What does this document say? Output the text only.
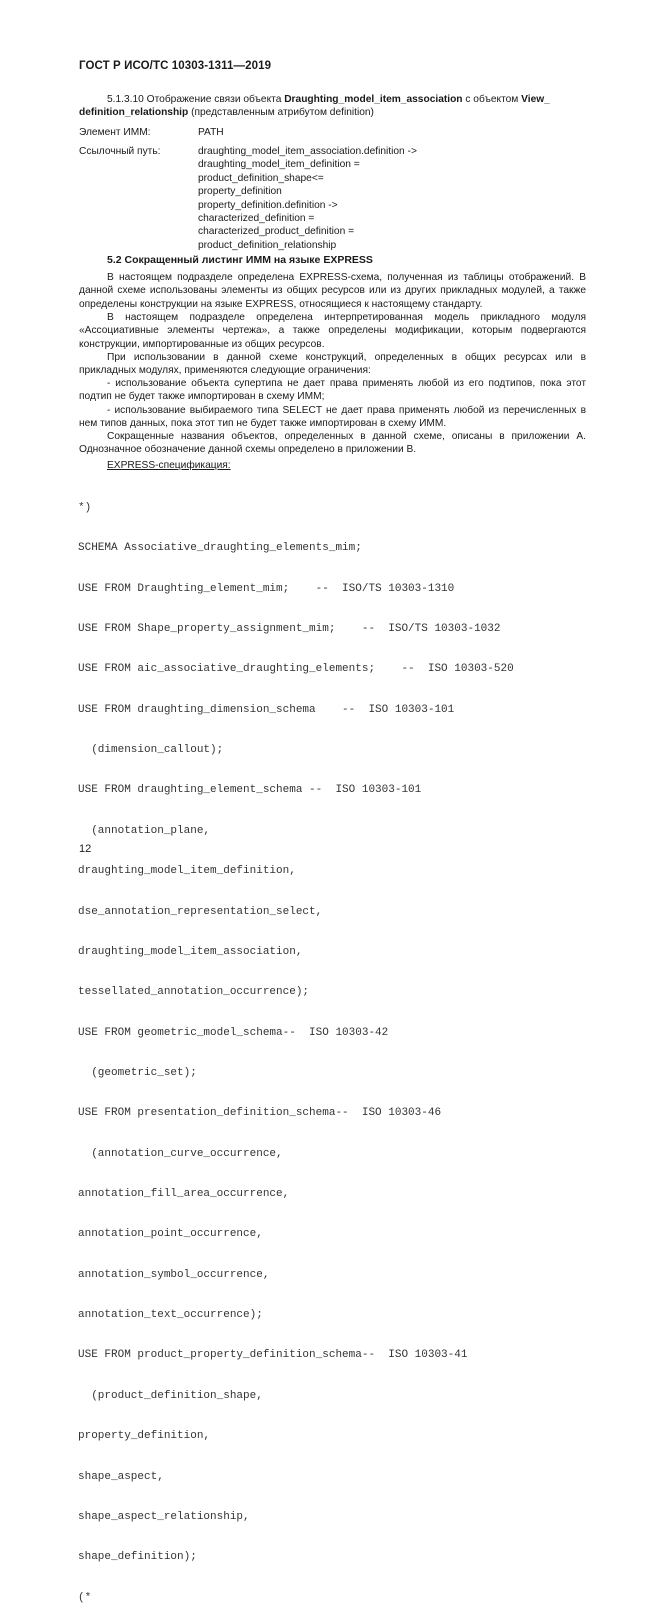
ГОСТ Р ИСО/ТС 10303-1311—2019

5.1.3.10 Отображение связи объекта Draughting_model_item_association с объектом View_
definition_relationship (представленным атрибутом definition)

Элемент ИММ:	PATH
Ссылочный путь:	draughting_model_item_association.definition ->
draughting_model_item_definition =
product_definition_shape<=
property_definition
property_definition.definition ->
characterized_definition =
characterized_product_definition =
product_definition_relationship
5.2 Сокращенный листинг ИММ на языке EXPRESS

В настоящем подразделе определена EXPRESS-схема, полученная из таблицы отображений. В данной схеме использованы элементы из общих ресурсов или из других прикладных модулей, а также определены конструкции на языке EXPRESS, относящиеся к настоящему стандарту.

В настоящем подразделе определена интерпретированная модель прикладного модуля «Ассоциативные элементы чертежа», а также определены модификации, которым подвергаются конструкции, импортированные из общих ресурсов.

При использовании в данной схеме конструкций, определенных в общих ресурсах или в прикладных модулях, применяются следующие ограничения:

- использование объекта супертипа не дает права применять любой из его подтипов, пока этот подтип не будет также импортирован в схему ИММ;

- использование выбираемого типа SELECT не дает права применять любой из перечисленных в нем типов данных, пока этот тип не будет также импортирован в схему ИММ.

Сокращенные названия объектов, определенных в данной схеме, описаны в приложении А. Однозначное обозначение данной схемы определено в приложении В.

EXPRESS-спецификация:

*)

SCHEMA Associative_draughting_elements_mim;

USE FROM Draughting_element_mim;    --  ISO/TS 10303-1310

USE FROM Shape_property_assignment_mim;    --  ISO/TS 10303-1032

USE FROM aic_associative_draughting_elements;    --  ISO 10303-520

USE FROM draughting_dimension_schema    --  ISO 10303-101

(dimension_callout);

USE FROM draughting_element_schema --  ISO 10303-101

(annotation_plane,

draughting_model_item_definition,

dse_annotation_representation_select,

draughting_model_item_association,

tessellated_annotation_occurrence);

USE FROM geometric_model_schema--  ISO 10303-42

(geometric_set);

USE FROM presentation_definition_schema--  ISO 10303-46

(annotation_curve_occurrence,

annotation_fill_area_occurrence,

annotation_point_occurrence,

annotation_symbol_occurrence,

annotation_text_occurrence);

USE FROM product_property_definition_schema--  ISO 10303-41

(product_definition_shape,

property_definition,

shape_aspect,

shape_aspect_relationship,

shape_definition);

(*

12
